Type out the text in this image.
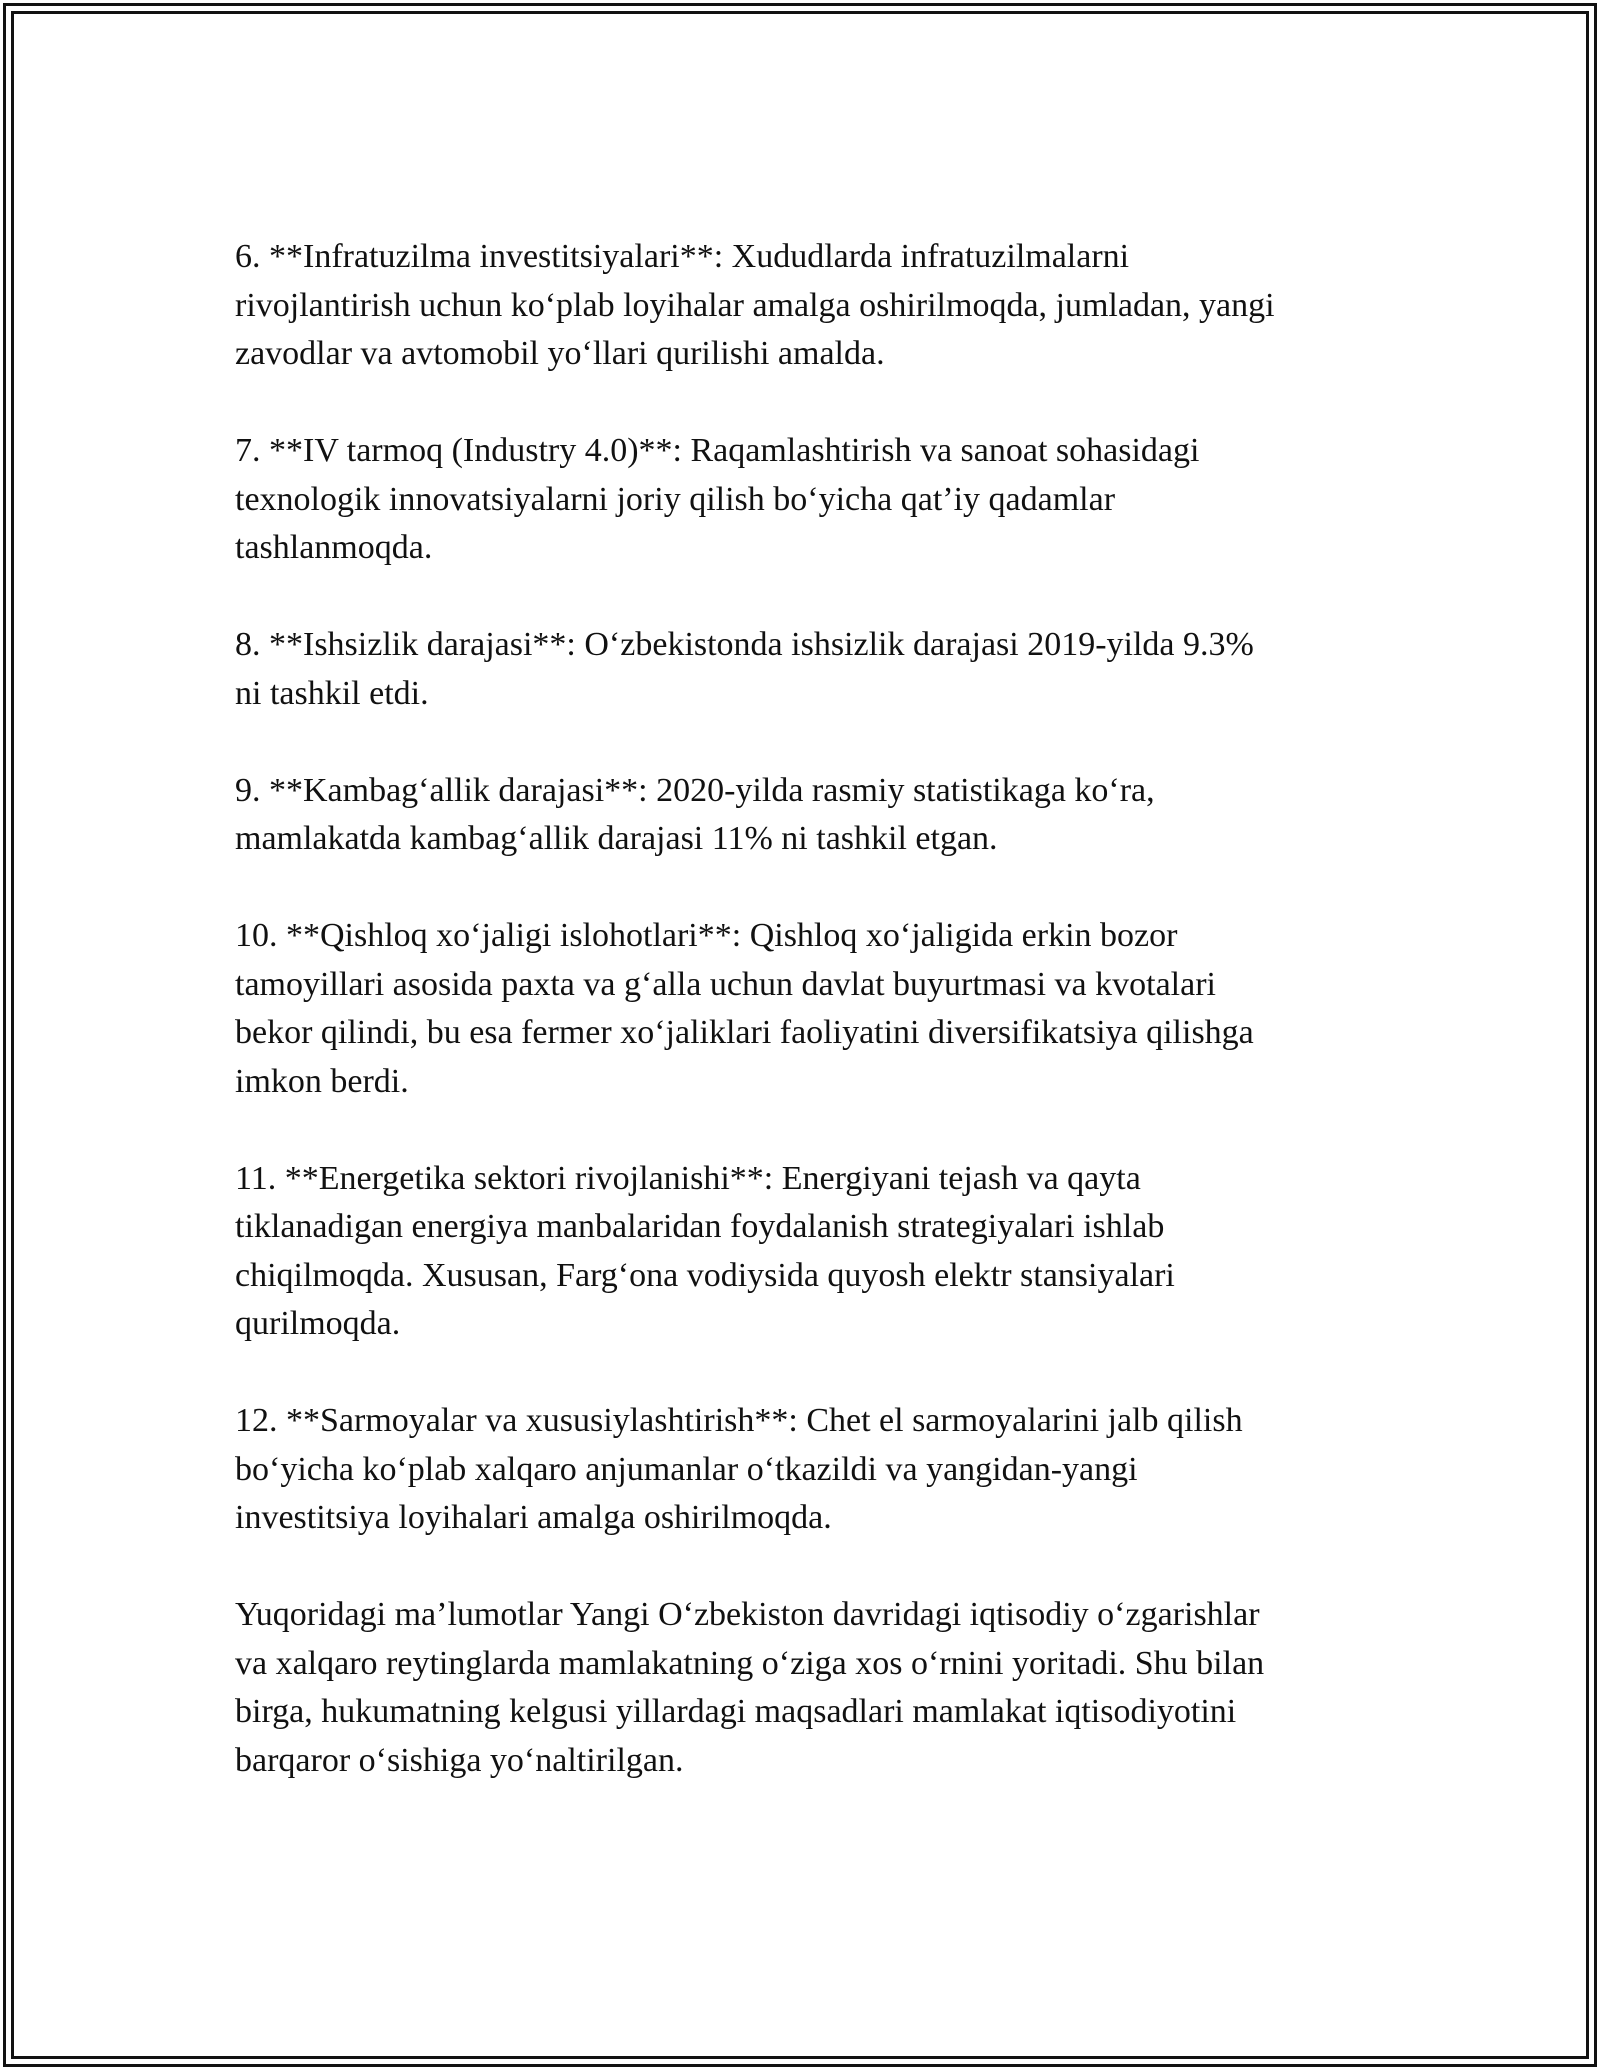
6. **Infratuzilma investitsiyalari**: Xududlarda infratuzilmalarni
rivojlantirish uchun ko‘plab loyihalar amalga oshirilmoqda, jumladan, yangi
zavodlar va avtomobil yo‘llari qurilishi amalda.

7. **IV tarmoq (Industry 4.0)**: Raqamlashtirish va sanoat sohasidagi
texnologik innovatsiyalarni joriy qilish bo‘yicha qat’iy qadamlar
tashlanmoqda.

8. **Ishsizlik darajasi**: O‘zbekistonda ishsizlik darajasi 2019-yilda 9.3%
ni tashkil etdi.

9. **Kambag‘allik darajasi**: 2020-yilda rasmiy statistikaga ko‘ra,
mamlakatda kambag‘allik darajasi 11% ni tashkil etgan.

10. **Qishloq xo‘jaligi islohotlari**: Qishloq xo‘jaligida erkin bozor
tamoyillari asosida paxta va g‘alla uchun davlat buyurtmasi va kvotalari
bekor qilindi, bu esa fermer xo‘jaliklari faoliyatini diversifikatsiya qilishga
imkon berdi.

11. **Energetika sektori rivojlanishi**: Energiyani tejash va qayta
tiklanadigan energiya manbalaridan foydalanish strategiyalari ishlab
chiqilmoqda. Xususan, Farg‘ona vodiysida quyosh elektr stansiyalari
qurilmoqda.

12. **Sarmoyalar va xususiylashtirish**: Chet el sarmoyalarini jalb qilish
bo‘yicha ko‘plab xalqaro anjumanlar o‘tkazildi va yangidan-yangi
investitsiya loyihalari amalga oshirilmoqda.

Yuqoridagi ma’lumotlar Yangi O‘zbekiston davridagi iqtisodiy o‘zgarishlar
va xalqaro reytinglarda mamlakatning o‘ziga xos o‘rnini yoritadi. Shu bilan
birga, hukumatning kelgusi yillardagi maqsadlari mamlakat iqtisodiyotini
barqaror o‘sishiga yo‘naltirilgan.
